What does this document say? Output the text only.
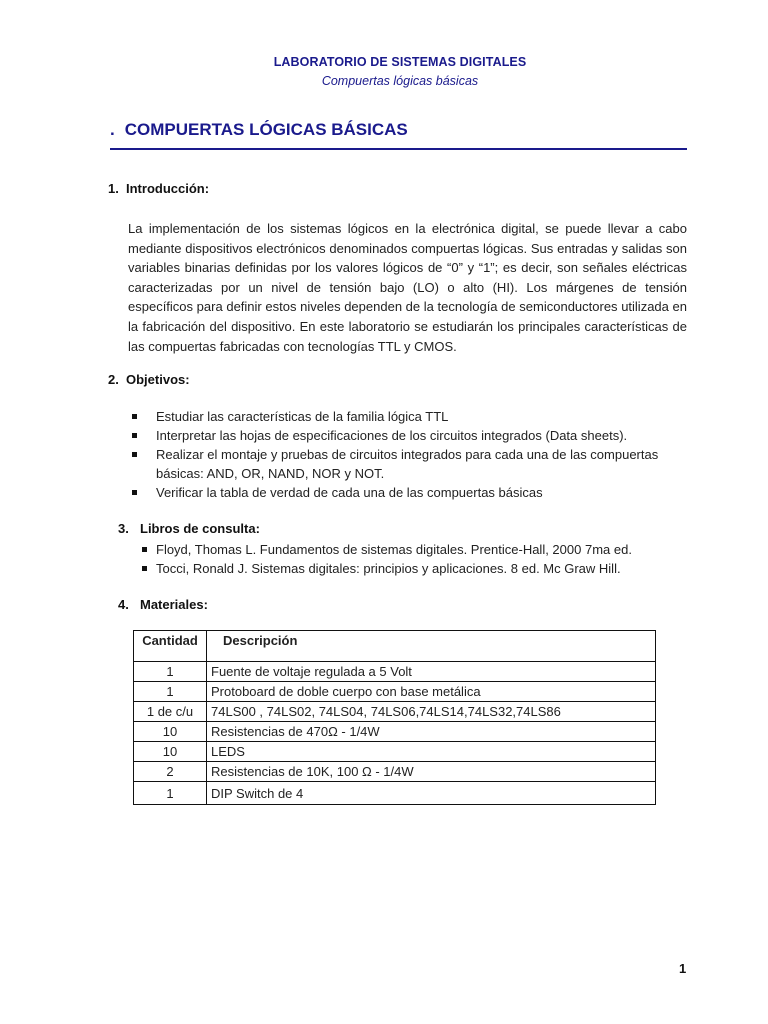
LABORATORIO DE SISTEMAS DIGITALES
Compuertas lógicas básicas
. COMPUERTAS LÓGICAS BÁSICAS
1. Introducción:
La implementación de los sistemas lógicos en la electrónica digital, se puede llevar a cabo mediante dispositivos electrónicos denominados compuertas lógicas. Sus entradas y salidas son variables binarias definidas por los valores lógicos de “0” y “1”; es decir, son señales eléctricas caracterizadas por un nivel de tensión bajo (LO) o alto (HI). Los márgenes de tensión específicos para definir estos niveles dependen de la tecnología de semiconductores utilizada en la fabricación del dispositivo. En este laboratorio se estudiarán los principales características de las compuertas fabricadas con tecnologías TTL y CMOS.
2. Objetivos:
Estudiar las características de la familia lógica TTL
Interpretar las hojas de especificaciones de los circuitos integrados (Data sheets).
Realizar el montaje y pruebas de circuitos integrados para cada una de las compuertas básicas: AND, OR, NAND, NOR y NOT.
Verificar la tabla de verdad de cada una de las compuertas básicas
3. Libros de consulta:
Floyd, Thomas L. Fundamentos de sistemas digitales. Prentice-Hall, 2000 7ma ed.
Tocci, Ronald J. Sistemas digitales: principios y aplicaciones. 8 ed. Mc Graw Hill.
4. Materiales:
Cantidad	Descripción
1	Fuente de voltaje regulada a 5 Volt
1	Protoboard de doble cuerpo con base metálica
1 de c/u	74LS00 , 74LS02, 74LS04, 74LS06,74LS14,74LS32,74LS86
10	Resistencias de 470Ω - 1/4W
10	LEDS
2	Resistencias de 10K, 100 Ω - 1/4W
1	DIP Switch de 4
1
